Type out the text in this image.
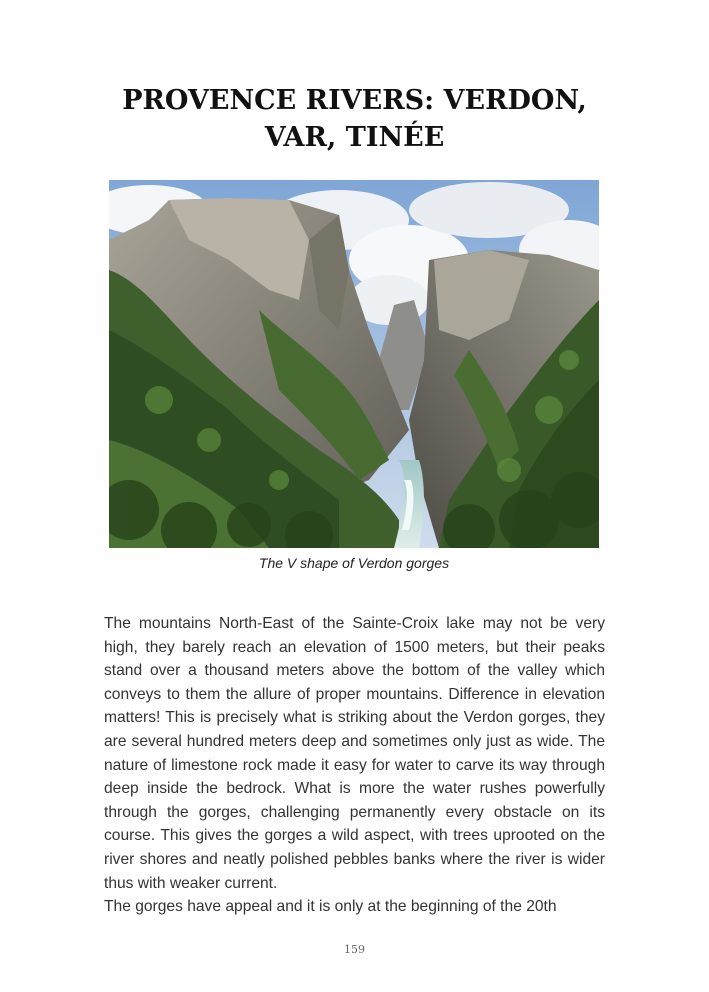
PROVENCE RIVERS: VERDON,
VAR, TINÉE
The V shape of Verdon gorges

The mountains North-East of the Sainte-Croix lake may not be very high, they barely reach an elevation of 1500 meters, but their peaks stand over a thousand meters above the bottom of the valley which conveys to them the allure of proper mountains. Difference in elevation matters! This is precisely what is striking about the Verdon gorges, they are several hundred meters deep and sometimes only just as wide. The nature of limestone rock made it easy for water to carve its way through deep inside the bedrock. What is more the water rushes powerfully through the gorges, challenging permanently every obstacle on its course. This gives the gorges a wild aspect, with trees uprooted on the river shores and neatly polished pebbles banks where the river is wider thus with weaker current.

The gorges have appeal and it is only at the beginning of the 20th

159
